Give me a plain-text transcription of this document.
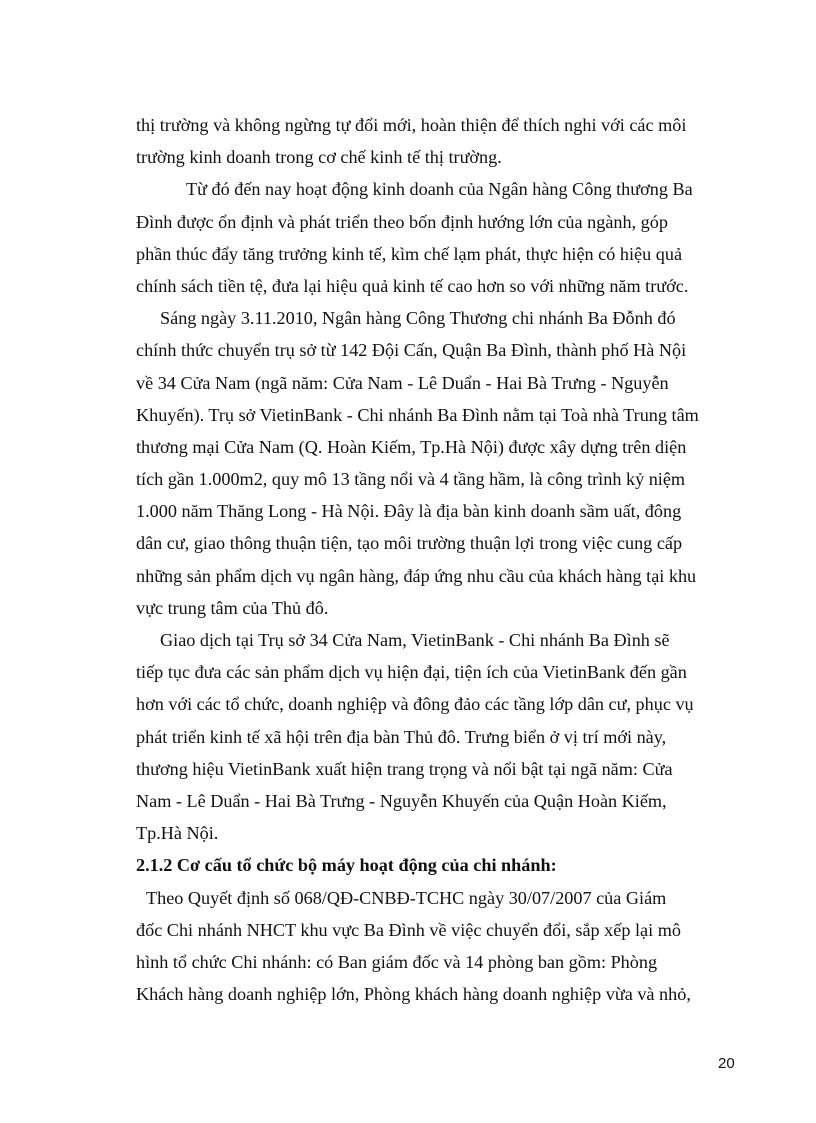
thị trường và không ngừng tự đổi mới, hoàn thiện để thích nghi với các môi
trường kinh doanh trong cơ chế kinh tế thị trường.
Từ đó đến nay hoạt động kinh doanh của Ngân hàng Công thương Ba
Đình được ổn định và phát triển theo bốn định hướng lớn của ngành, góp
phần thúc đẩy tăng trưởng kinh tế, kìm chế lạm phát, thực hiện có hiệu quả
chính sách tiền tệ, đưa lại hiệu quả kinh tế cao hơn so với những năm trước.
Sáng ngày 3.11.2010, Ngân hàng Công Thương chi nhánh Ba Đỗnh đó
chính thức chuyển trụ sở từ 142 Đội Cấn, Quận Ba Đình, thành phố Hà Nội
về 34 Cửa Nam (ngã năm: Cửa Nam - Lê Duẩn - Hai Bà Trưng - Nguyễn
Khuyến). Trụ sở VietinBank - Chi nhánh Ba Đình nằm tại Toà nhà Trung tâm
thương mại Cửa Nam (Q. Hoàn Kiếm, Tp.Hà Nội) được xây dựng trên diện
tích gần 1.000m2, quy mô 13 tầng nổi và 4 tầng hầm, là công trình kỷ niệm
1.000 năm Thăng Long - Hà Nội. Đây là địa bàn kinh doanh sầm uất, đông
dân cư, giao thông thuận tiện, tạo môi trường thuận lợi trong việc cung cấp
những sản phẩm dịch vụ ngân hàng, đáp ứng nhu cầu của khách hàng tại khu
vực trung tâm của Thủ đô.
Giao dịch tại Trụ sở 34 Cửa Nam, VietinBank - Chi nhánh Ba Đình sẽ
tiếp tục đưa các sản phẩm dịch vụ hiện đại, tiện ích của VietinBank đến gần
hơn với các tổ chức, doanh nghiệp và đông đảo các tầng lớp dân cư, phục vụ
phát triển kinh tế xã hội trên địa bàn Thủ đô. Trưng biển ở vị trí mới này,
thương hiệu VietinBank xuất hiện trang trọng và nổi bật tại ngã năm: Cửa
Nam - Lê Duẩn - Hai Bà Trưng - Nguyễn Khuyến của Quận Hoàn Kiếm,
Tp.Hà Nội.
2.1.2 Cơ cấu tổ chức bộ máy hoạt động của chi nhánh:
Theo Quyết định số 068/QĐ-CNBĐ-TCHC ngày 30/07/2007 của Giám
đốc Chi nhánh NHCT khu vực Ba Đình về việc chuyển đổi, sắp xếp lại mô
hình tổ chức Chi nhánh: có Ban giám đốc và 14 phòng ban gồm: Phòng
Khách hàng doanh nghiệp lớn, Phòng khách hàng doanh nghiệp vừa và nhỏ,
20
